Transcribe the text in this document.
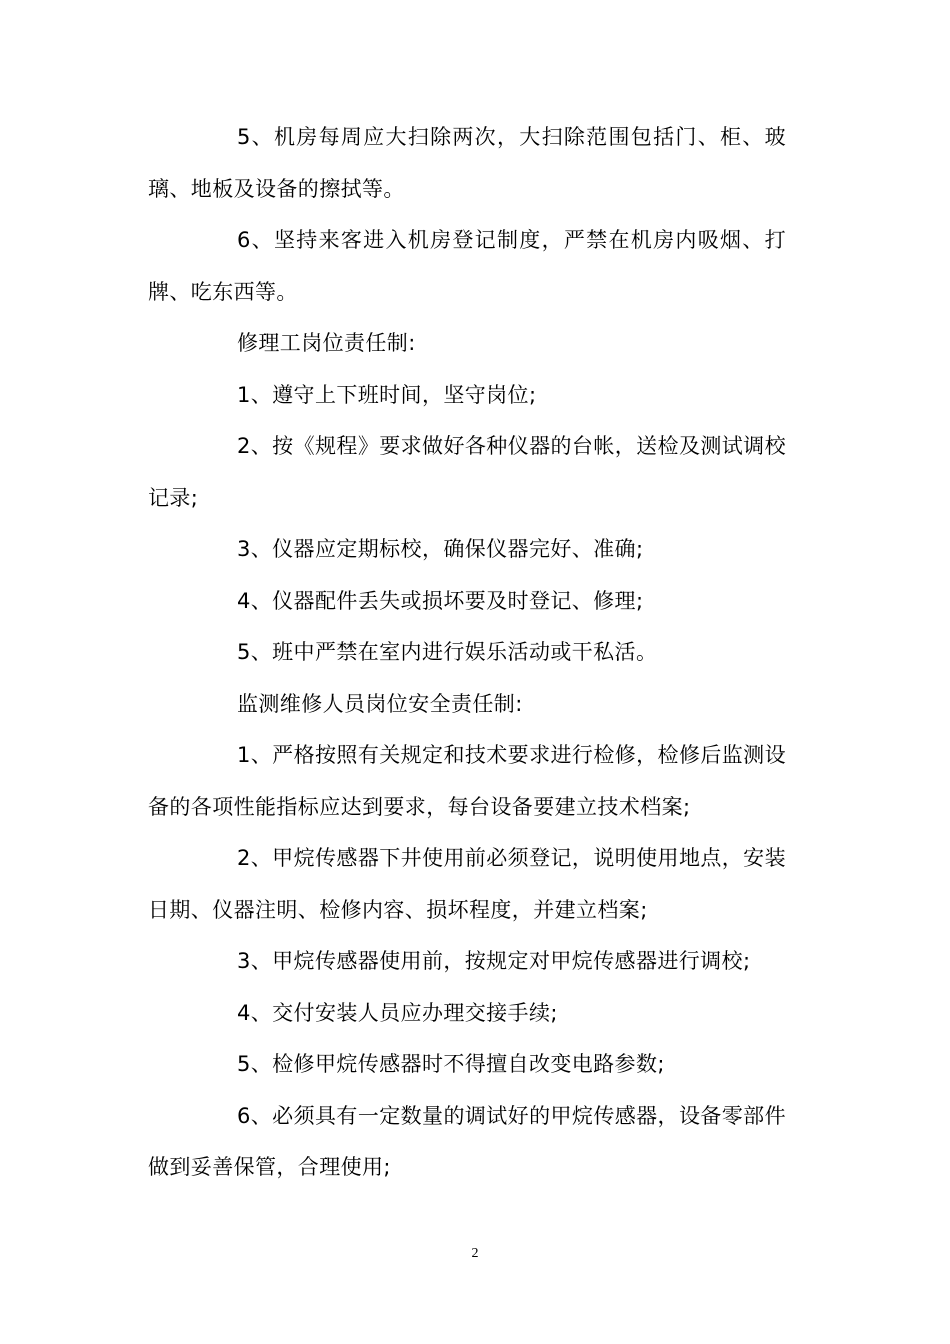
5、机房每周应大扫除两次，大扫除范围包括门、柜、玻璃、地板及设备的擦拭等。

6、坚持来客进入机房登记制度，严禁在机房内吸烟、打牌、吃东西等。

修理工岗位责任制:

1、遵守上下班时间，坚守岗位;

2、按《规程》要求做好各种仪器的台帐，送检及测试调校记录;

3、仪器应定期标校，确保仪器完好、准确;

4、仪器配件丢失或损坏要及时登记、修理;

5、班中严禁在室内进行娱乐活动或干私活。

监测维修人员岗位安全责任制:

1、严格按照有关规定和技术要求进行检修，检修后监测设备的各项性能指标应达到要求，每台设备要建立技术档案;

2、甲烷传感器下井使用前必须登记，说明使用地点，安装日期、仪器注明、检修内容、损坏程度，并建立档案;

3、甲烷传感器使用前，按规定对甲烷传感器进行调校;

4、交付安装人员应办理交接手续;

5、检修甲烷传感器时不得擅自改变电路参数;

6、必须具有一定数量的调试好的甲烷传感器，设备零部件做到妥善保管，合理使用;

2
